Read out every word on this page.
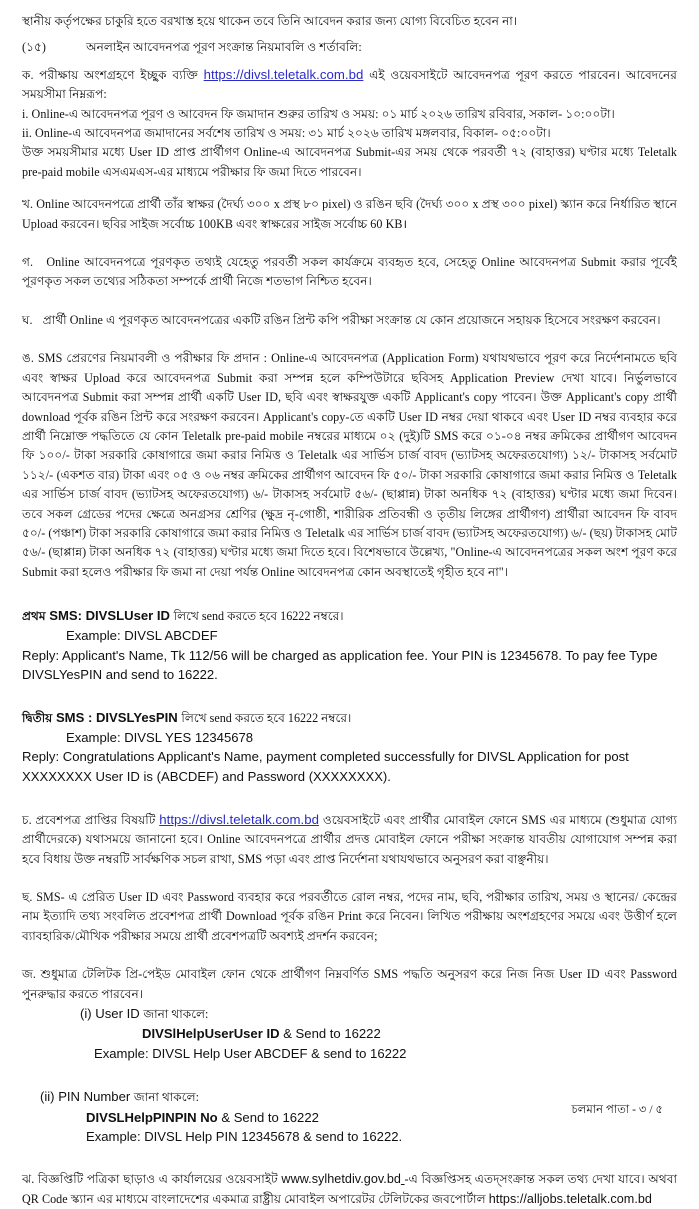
স্থানীয় কর্তৃপক্ষের চাকুরি হতে বরখাস্ত হয়ে থাকেন তবে তিনি আবেদন করার জন্য যোগ্য বিবেচিত হবেন না।

(১৫)	অনলাইন আবেদনপত্র পূরণ সংক্রান্ত নিয়মাবলি ও শর্তাবলি:

ক. পরীক্ষায় অংশগ্রহণে ইচ্ছুক ব্যক্তি https://divsl.teletalk.com.bd এই ওয়েবসাইটে আবেদনপত্র পূরণ করতে পারবেন। আবেদনের সময়সীমা নিম্নরূপ:

i. Online-এ আবেদনপত্র পূরণ ও আবেদন ফি জমাদান শুরুর তারিখ ও সময়: ০১ মার্চ ২০২৬ তারিখ রবিবার, সকাল- ১০:০০টা।

ii. Online-এ আবেদনপত্র জমাদানের সর্বশেষ তারিখ ও সময়: ৩১ মার্চ ২০২৬ তারিখ মঙ্গলবার, বিকাল- ০৫:০০টা।

উক্ত সময়সীমার মধ্যে User ID প্রাপ্ত প্রার্থীগণ Online-এ আবেদনপত্র Submit-এর সময় থেকে পরবর্তী ৭২ (বাহাত্তর) ঘণ্টার মধ্যে Teletalk pre-paid mobile এসএমএস-এর মাধ্যমে পরীক্ষার ফি জমা দিতে পারবেন।

খ. Online আবেদনপত্রে প্রার্থী তাঁর স্বাক্ষর (দৈর্ঘ্য ৩০০ x প্রস্থ ৮০ pixel) ও রঙিন ছবি (দৈর্ঘ্য ৩০০ x প্রস্থ ৩০০ pixel) স্ক্যান করে নির্ধারিত স্থানে Upload করবেন। ছবির সাইজ সর্বোচ্চ 100KB এবং স্বাক্ষরের সাইজ সর্বোচ্চ 60 KB।

গ. Online আবেদনপত্রে পূরণকৃত তথ্যই যেহেতু পরবর্তী সকল কার্যক্রমে ব্যবহৃত হবে, সেহেতু Online আবেদনপত্র Submit করার পূর্বেই পূরণকৃত সকল তথ্যের সঠিকতা সম্পর্কে প্রার্থী নিজে শতভাগ নিশ্চিত হবেন।

ঘ. প্রার্থী Online এ পূরণকৃত আবেদনপত্রের একটি রঙিন প্রিন্ট কপি পরীক্ষা সংক্রান্ত যে কোন প্রয়োজনে সহায়ক হিসেবে সংরক্ষণ করবেন।

ঙ. SMS প্রেরণের নিয়মাবলী ও পরীক্ষার ফি প্রদান : Online-এ আবেদনপত্র (Application Form) যথাযথভাবে পূরণ করে নির্দেশনামতে ছবি এবং স্বাক্ষর Upload করে আবেদনপত্র Submit করা সম্পন্ন হলে কম্পিউটারে ছবিসহ Application Preview দেখা যাবে। নির্ভুলভাবে আবেদনপত্র Submit করা সম্পন্ন প্রার্থী একটি User ID, ছবি এবং স্বাক্ষরযুক্ত একটি Applicant's copy পাবেন। উক্ত Applicant's copy প্রার্থী download পূর্বক রঙিন প্রিন্ট করে সংরক্ষণ করবেন। Applicant's copy-তে একটি User ID নম্বর দেয়া থাকবে এবং User ID নম্বর ব্যবহার করে প্রার্থী নিম্নোক্ত পদ্ধতিতে যে কোন Teletalk pre-paid mobile নম্বরের মাধ্যমে ০২ (দুই)টি SMS করে ০১-০৪ নম্বর ক্রমিকের প্রার্থীগণ আবেদন ফি ১০০/- টাকা সরকারি কোষাগারে জমা করার নিমিত্ত ও Teletalk এর সার্ভিস চার্জ বাবদ (ভ্যাটসহ অফেরতযোগ্য) ১২/- টাকাসহ সর্বমোট ১১২/- (একশত বার) টাকা এবং ০৫ ও ০৬ নম্বর ক্রমিকের প্রার্থীগণ আবেদন ফি ৫০/- টাকা সরকারি কোষাগারে জমা করার নিমিত্ত ও Teletalk এর সার্ভিস চার্জ বাবদ (ভ্যাটসহ অফেরতযোগ্য) ৬/- টাকাসহ সর্বমোট ৫৬/- (ছাপ্পান্ন) টাকা অনধিক ৭২ (বাহাত্তর) ঘণ্টার মধ্যে জমা দিবেন। তবে সকল গ্রেডের পদের ক্ষেত্রে অনগ্রসর শ্রেণির (ক্ষুদ্র নৃ-গোষ্ঠী, শারীরিক প্রতিবন্ধী ও তৃতীয় লিঙ্গের প্রার্থীগণ) প্রার্থীরা আবেদন ফি বাবদ ৫০/- (পঞ্চাশ) টাকা সরকারি কোষাগারে জমা করার নিমিত্ত ও Teletalk এর সার্ভিস চার্জ বাবদ (ভ্যাটসহ অফেরতযোগ্য) ৬/- (ছয়) টাকাসহ মোট ৫৬/- (ছাপ্পান্ন) টাকা অনধিক ৭২ (বাহাত্তর) ঘণ্টার মধ্যে জমা দিতে হবে। বিশেষভাবে উল্লেখ্য, "Online-এ আবেদনপত্রের সকল অংশ পূরণ করে Submit করা হলেও পরীক্ষার ফি জমা না দেয়া পর্যন্ত Online আবেদনপত্র কোন অবস্থাতেই গৃহীত হবে না"।

প্রথম SMS: DIVSLUser ID লিখে send করতে হবে 16222 নম্বরে।
Example: DIVSL ABCDEF
Reply: Applicant's Name, Tk 112/56 will be charged as application fee. Your PIN is 12345678. To pay fee Type DIVSLYesPIN and send to 16222.
দ্বিতীয় SMS : DIVSLYesPIN লিখে send করতে হবে 16222 নম্বরে।
Example: DIVSL YES 12345678
Reply: Congratulations Applicant's Name, payment completed successfully for DIVSL Application for post XXXXXXXX User ID is (ABCDEF) and Password (XXXXXXXX).

চ. প্রবেশপত্র প্রাপ্তির বিষয়টি https://divsl.teletalk.com.bd ওয়েবসাইটে এবং প্রার্থীর মোবাইল ফোনে SMS এর মাধ্যমে (শুধুমাত্র যোগ্য প্রার্থীদেরকে) যথাসময়ে জানানো হবে। Online আবেদনপত্রে প্রার্থীর প্রদত্ত মোবাইল ফোনে পরীক্ষা সংক্রান্ত যাবতীয় যোগাযোগ সম্পন্ন করা হবে বিধায় উক্ত নম্বরটি সার্বক্ষণিক সচল রাখা, SMS পড়া এবং প্রাপ্ত নির্দেশনা যথাযথভাবে অনুসরণ করা বাঞ্ছনীয়।

ছ. SMS- এ প্রেরিত User ID এবং Password ব্যবহার করে পরবর্তীতে রোল নম্বর, পদের নাম, ছবি, পরীক্ষার তারিখ, সময় ও স্থানের/ কেন্দ্রের নাম ইত্যাদি তথ্য সংবলিত প্রবেশপত্র প্রার্থী Download পূর্বক রঙিন Print করে নিবেন। লিখিত পরীক্ষায় অংশগ্রহণের সময়ে এবং উত্তীর্ণ হলে ব্যাবহারিক/মৌখিক পরীক্ষার সময়ে প্রার্থী প্রবেশপত্রটি অবশ্যই প্রদর্শন করবেন;

জ. শুধুমাত্র টেলিটক প্রি-পেইড মোবাইল ফোন থেকে প্রার্থীগণ নিম্নবর্ণিত SMS পদ্ধতি অনুসরণ করে নিজ নিজ User ID এবং Password পুনরুদ্ধার করতে পারবেন।

(i) User ID জানা থাকলে:
DIVSlHelpUserUser ID & Send to 16222
Example: DIVSL Help User ABCDEF & send to 16222
(ii) PIN Number জানা থাকলে:
DIVSLHelpPINPIN No & Send to 16222
Example: DIVSL Help PIN 12345678 & send to 16222.

ঝ. বিজ্ঞপ্তিটি পত্রিকা ছাড়াও এ কার্যালয়ের ওয়েবসাইট www.sylhetdiv.gov.bd -এ বিজ্ঞপ্তিসহ এতদ্সংক্রান্ত সকল তথ্য দেখা যাবে। অথবা QR Code স্ক্যান এর মাধ্যমে বাংলাদেশের একমাত্র রাষ্ট্রীয় মোবাইল অপারেটর টেলিটকের জবপোর্টাল https://alljobs.teletalk.com.bd

চলমান পাতা - ৩ / ৫
